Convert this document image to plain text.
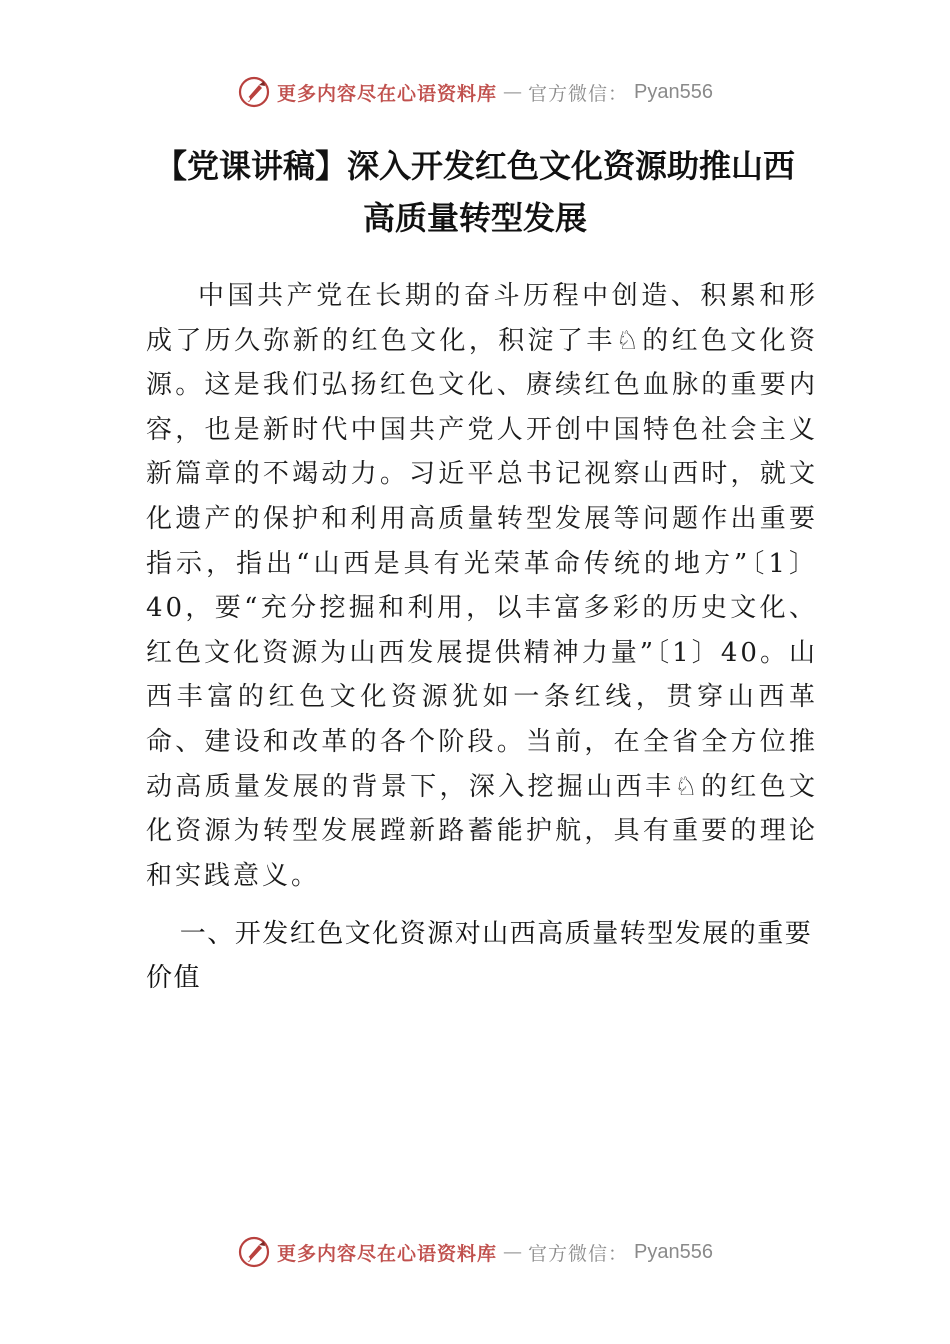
更多内容尽在心语资料库 — 官方微信： Pyan556
【党课讲稿】深入开发红色文化资源助推山西
高质量转型发展

中国共产党在长期的奋斗历程中创造、积累和形成了历久弥新的红色文化，积淀了丰♘的红色文化资源。这是我们弘扬红色文化、赓续红色血脉的重要内容，也是新时代中国共产党人开创中国特色社会主义新篇章的不竭动力。习近平总书记视察山西时，就文化遗产的保护和利用高质量转型发展等问题作出重要指示，指出“山西是具有光荣革命传统的地方”〔1〕40，要“充分挖掘和利用，以丰富多彩的历史文化、红色文化资源为山西发展提供精神力量”〔1〕40。山西丰富的红色文化资源犹如一条红线，贯穿山西革命、建设和改革的各个阶段。当前，在全省全方位推动高质量发展的背景下，深入挖掘山西丰♘的红色文化资源为转型发展蹚新路蓄能护航，具有重要的理论和实践意义。

一、开发红色文化资源对山西高质量转型发展的重要价值

更多内容尽在心语资料库 — 官方微信： Pyan556
